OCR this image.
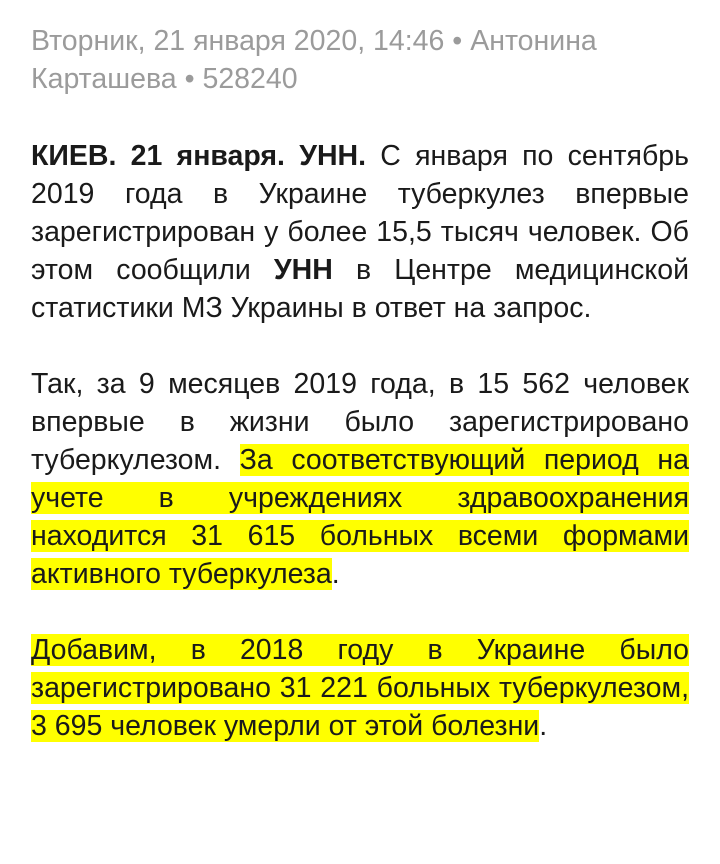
Вторник, 21 января 2020, 14:46 • Антонина Карташева • 528240

КИЕВ. 21 января. УНН. С января по сентябрь 2019 года в Украине туберкулез впервые зарегистрирован у более 15,5 тысяч человек. Об этом сообщили УНН в Центре медицинской статистики МЗ Украины в ответ на запрос.

Так, за 9 месяцев 2019 года, в 15 562 человек впервые в жизни было зарегистрировано туберкулезом. За соответствующий период на учете в учреждениях здравоохранения находится 31 615 больных всеми формами активного туберкулеза.

Добавим, в 2018 году в Украине было зарегистрировано 31 221 больных туберкулезом, 3 695 человек умерли от этой болезни.
